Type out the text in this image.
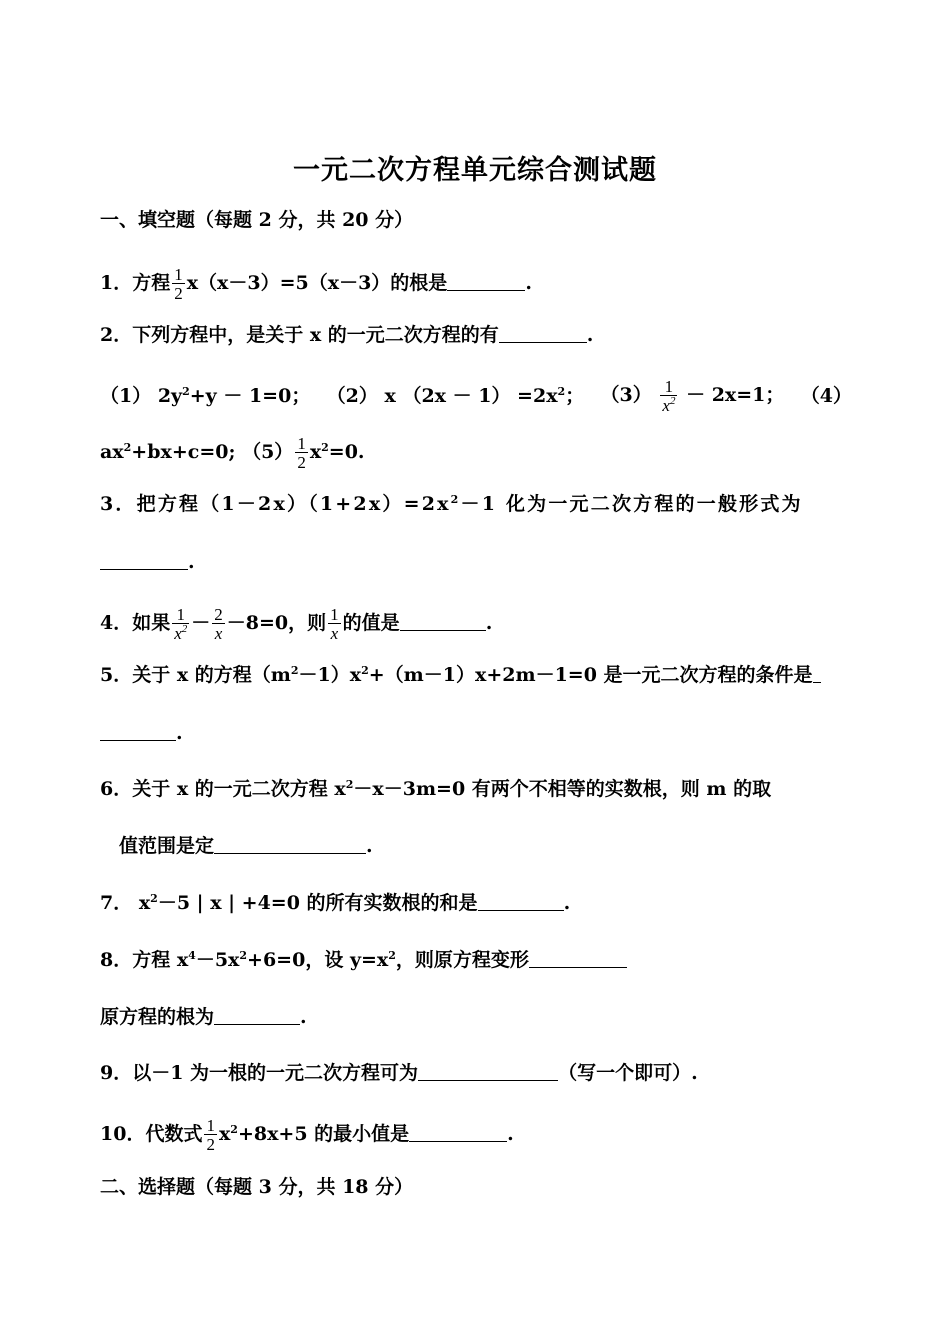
一元二次方程单元综合测试题
一、填空题（每题 2 分，共 20 分）
1．方程 $\frac{1}{2} x(x-3)=5(x-3)$的根是	.
2．下列方程中，是关于 x 的一元二次方程的有	.
（1） $2y^2+y - 1=0$； （2） x $(2x - 1) =2x^2$； $(3) \frac{1}{x^2} - 2x=1$； （4）
$ax^2+bx+c=0$; $(5) \frac{1}{2} x^2=0$.
3．把方程$(1-2x)(1+2x)=2x^2-1$ 化为一元二次方程的一般形式为
.
4．如果 $\frac{1}{x^2} - \frac{2}{x} -8=0$，则 $\frac{1}{x}$ 的值是	.
5．关于 x 的方程$(m^2-1)x^2+(m-1)x+2m-1=0$ 是一元二次方程的条件是
.
6．关于 x 的一元二次方程 $x^2-x-3m=0$ 有两个不相等的实数根，则 m 的取
值范围是定	.
7． $x^2-5$ | x | +4=0 的所有实数根的和是	.
8．方程 $x^4-5x^2+6=0$，设 $y=x^2$，则原方程变形
原方程的根为	.
9．以－1 为一根的一元二次方程可为	（写一个即可）.
10．代数式 $\frac{1}{2} x^2+8x+5$ 的最小值是	.
二、选择题（每题 3 分，共 18 分）
